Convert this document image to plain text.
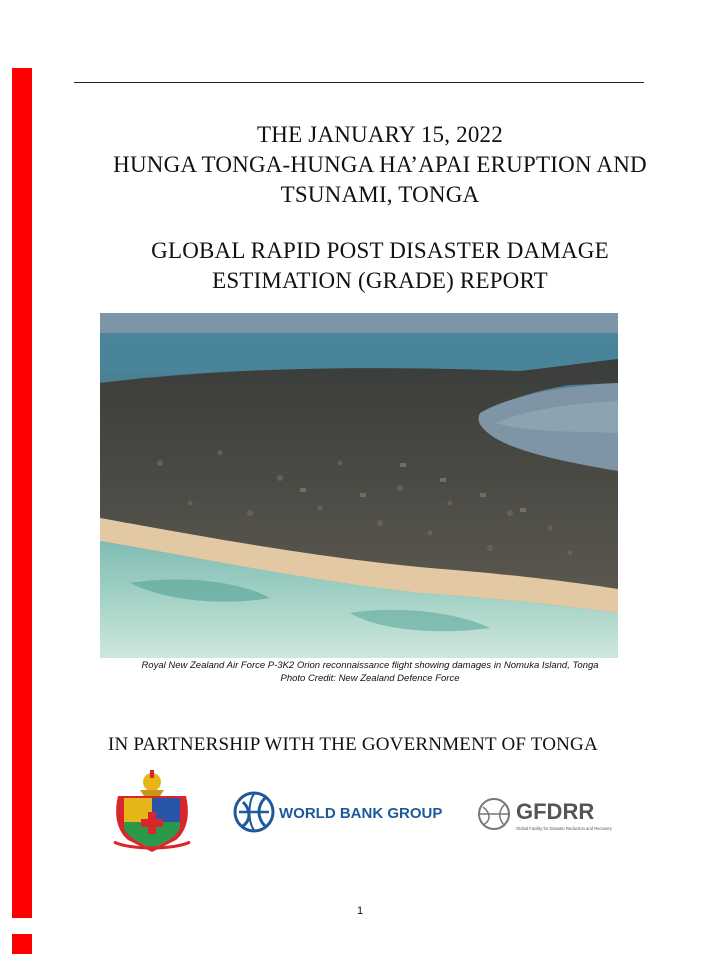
THE JANUARY 15, 2022
HUNGA TONGA-HUNGA HA’APAI ERUPTION AND
TSUNAMI, TONGA
GLOBAL RAPID POST DISASTER DAMAGE
ESTIMATION (GRADE) REPORT
Royal New Zealand Air Force P-3K2 Orion reconnaissance flight showing damages in Nomuka Island, Tonga
Photo Credit: New Zealand Defence Force
IN PARTNERSHIP WITH THE GOVERNMENT OF TONGA
WORLD BANK GROUP	GFDRR
Global Facility for Disaster Reduction and Recovery
1
